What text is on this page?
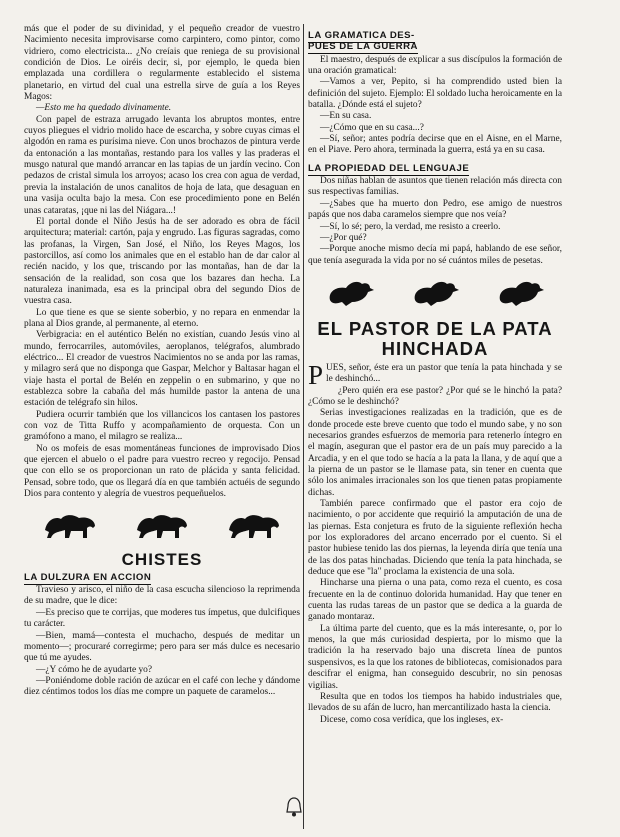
más que el poder de su divinidad, y el pequeño creador de vuestro Nacimiento necesita improvisarse como carpintero, como pintor, como vidriero, como electricista... ¿No creíais que reniega de su provisional condición de Dios. Le oiréis decir, si, por ejemplo, le queda bien emplazada una cordillera o regularmente establecido el sistema planetario, en virtud del cual una estrella sirve de guía a los Reyes Magos:

—Esto me ha quedado divinamente.

Con papel de estraza arrugado levanta los abruptos montes, entre cuyos pliegues el vidrio molido hace de escarcha, y sobre cuyas cimas el algodón en rama es purísima nieve. Con unos brochazos de pintura verde da entonación a las montañas, restando para los valles y las praderas el musgo natural que mandó arrancar en las tapias de un jardín vecino. Con pedazos de cristal simula los arroyos; acaso los crea con agua de verdad, previa la instalación de unos canalitos de hoja de lata, que desaguan en una vasija oculta bajo la mesa. Con ese procedimiento pone en Belén unas cataratas, ¡que ni las del Niágara...!

El portal donde el Niño Jesús ha de ser adorado es obra de fácil arquitectura; material: cartón, paja y engrudo. Las figuras sagradas, como las profanas, la Virgen, San José, el Niño, los Reyes Magos, los pastorcillos, así como los animales que en el establo han de dar calor al recién nacido, y los que, triscando por las montañas, han de dar la sensación de la realidad, son cosa que los bazares dan hecha. La naturaleza inanimada, esa es la principal obra del segundo Dios de vuestra casa.

Lo que tiene es que se siente soberbio, y no repara en enmendar la plana al Dios grande, al permanente, al eterno.

Verbigracia: en el auténtico Belén no existían, cuando Jesús vino al mundo, ferrocarriles, automóviles, aeroplanos, telégrafos, alumbrado eléctrico... El creador de vuestros Nacimientos no se anda por las ramas, y milagro será que no disponga que Gaspar, Melchor y Baltasar hagan el viaje hasta el portal de Belén en zeppelin o en submarino, y que no establezca sobre la cabaña del más humilde pastor la antena de una estación de telégrafo sin hilos.

Pudiera ocurrir también que los villancicos los cantasen los pastores con voz de Titta Ruffo y acompañamiento de orquesta. Con un gramófono a mano, el milagro se realiza...

No os mofeis de esas momentáneas funciones de improvisado Dios que ejercen el abuelo o el padre para vuestro recreo y regocijo. Pensad que con ello se os proporcionan un rato de plácida y santa felicidad. Pensad, sobre todo, que os llegará día en que también actuéis de segundo Dios para contento y alegría de vuestros pequeñuelos.

CHISTES
LA DULZURA EN ACCION

Travieso y arisco, el niño de la casa escucha silencioso la reprimenda de su madre, que le dice:

—Es preciso que te corrijas, que moderes tus ímpetus, que dulcifiques tu carácter.

—Bien, mamá—contesta el muchacho, después de meditar un momento—; procuraré corregirme; pero para ser más dulce es necesario que tú me ayudes.

—¿Y cómo he de ayudarte yo?

—Poniéndome doble ración de azúcar en el café con leche y dándome diez céntimos todos los días me compre un paquete de caramelos...

LA GRAMATICA DES-
PUES DE LA GUERRA

El maestro, después de explicar a sus discípulos la formación de una oración gramatical:

—Vamos a ver, Pepito, si ha comprendido usted bien la definición del sujeto. Ejemplo: El soldado lucha heroicamente en la batalla. ¿Dónde está el sujeto?

—En su casa.

—¿Cómo que en su casa...?

—Sí, señor; antes podría decirse que en el Aisne, en el Marne, en el Piave. Pero ahora, terminada la guerra, está ya en su casa.

LA PROPIEDAD DEL LENGUAJE

Dos niñas hablan de asuntos que tienen relación más directa con sus respectivas familias.

—¿Sabes que ha muerto don Pedro, ese amigo de nuestros papás que nos daba caramelos siempre que nos veía?

—Sí, lo sé; pero, la verdad, me resisto a creerlo.

—¿Por qué?

—Porque anoche mismo decía mi papá, hablando de ese señor, que tenía asegurada la vida por no sé cuántos miles de pesetas.

EL PASTOR DE LA PATA HINCHADA

PUES, señor, éste era un pastor que tenía la pata hinchada y se le deshinchó...

¿Pero quién era ese pastor? ¿Por qué se le hinchó la pata? ¿Cómo se le deshinchó?

Serias investigaciones realizadas en la tradición, que es de donde procede este breve cuento que todo el mundo sabe, y no son necesarios grandes esfuerzos de memoria para retenerlo íntegro en el magín, aseguran que el pastor era de un país muy parecido a la Arcadia, y en el que todo se hacía a la pata la llana, y de aquí que a la pierna de un pastor se le llamase pata, sin tener en cuenta que sólo los animales irracionales son los que tienen patas propiamente dichas.

También parece confirmado que el pastor era cojo de nacimiento, o por accidente que requirió la amputación de una de las piernas. Esta conjetura es fruto de la siguiente reflexión hecha por los exploradores del arcano encerrado por el cuento. Si el pastor hubiese tenido las dos piernas, la leyenda diría que tenía una de las dos patas hinchadas. Diciendo que tenía la pata hinchada, se deduce que ese "la" proclama la existencia de una sola.

Hincharse una pierna o una pata, como reza el cuento, es cosa frecuente en la de continuo dolorida humanidad. Hay que tener en cuenta las rudas tareas de un pastor que se dedica a la guarda de ganado montaraz.

La última parte del cuento, que es la más interesante, o, por lo menos, la que más curiosidad despierta, por lo mismo que la tradición la ha reservado bajo una discreta línea de puntos suspensivos, es la que los ratones de bibliotecas, comisionados para descifrar el enigma, han conseguido descubrir, no sin penosas vigilias.

Resulta que en todos los tiempos ha habido industriales que, llevados de su afán de lucro, han mercantilizado hasta la ciencia.

Dicese, como cosa verídica, que los ingleses, ex-
